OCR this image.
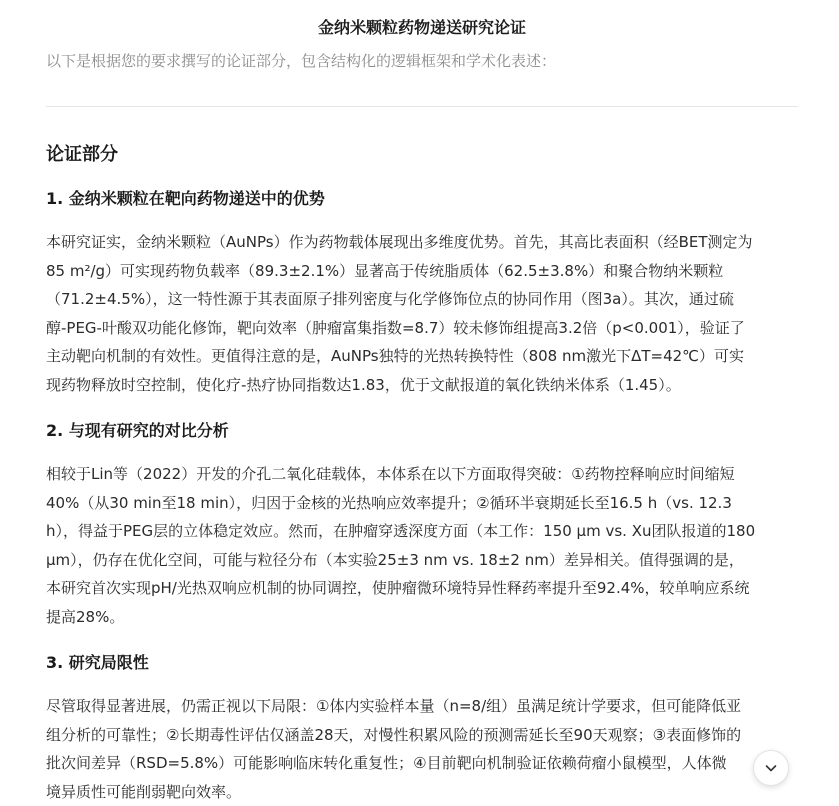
金纳米颗粒药物递送研究论证
以下是根据您的要求撰写的论证部分，包含结构化的逻辑框架和学术化表述：
论证部分
1. 金纳米颗粒在靶向药物递送中的优势
本研究证实，金纳米颗粒（AuNPs）作为药物载体展现出多维度优势。首先，其高比表面积（经BET测定为
85 m²/g）可实现药物负载率（89.3±2.1%）显著高于传统脂质体（62.5±3.8%）和聚合物纳米颗粒
（71.2±4.5%），这一特性源于其表面原子排列密度与化学修饰位点的协同作用（图3a）。其次，通过硫
醇-PEG-叶酸双功能化修饰，靶向效率（肿瘤富集指数=8.7）较未修饰组提高3.2倍（p<0.001），验证了
主动靶向机制的有效性。更值得注意的是，AuNPs独特的光热转换特性（808 nm激光下ΔT=42℃）可实
现药物释放时空控制，使化疗-热疗协同指数达1.83，优于文献报道的氧化铁纳米体系（1.45）。
2. 与现有研究的对比分析
相较于Lin等（2022）开发的介孔二氧化硅载体，本体系在以下方面取得突破：①药物控释响应时间缩短
40%（从30 min至18 min），归因于金核的光热响应效率提升；②循环半衰期延长至16.5 h（vs. 12.3
h），得益于PEG层的立体稳定效应。然而，在肿瘤穿透深度方面（本工作：150 μm vs. Xu团队报道的180
μm），仍存在优化空间，可能与粒径分布（本实验25±3 nm vs. 18±2 nm）差异相关。值得强调的是，
本研究首次实现pH/光热双响应机制的协同调控，使肿瘤微环境特异性释药率提升至92.4%，较单响应系统
提高28%。
3. 研究局限性
尽管取得显著进展，仍需正视以下局限：①体内实验样本量（n=8/组）虽满足统计学要求，但可能降低亚
组分析的可靠性；②长期毒性评估仅涵盖28天，对慢性积累风险的预测需延长至90天观察；③表面修饰的
批次间差异（RSD=5.8%）可能影响临床转化重复性；④目前靶向机制验证依赖荷瘤小鼠模型，人体微
境异质性可能削弱靶向效率。
